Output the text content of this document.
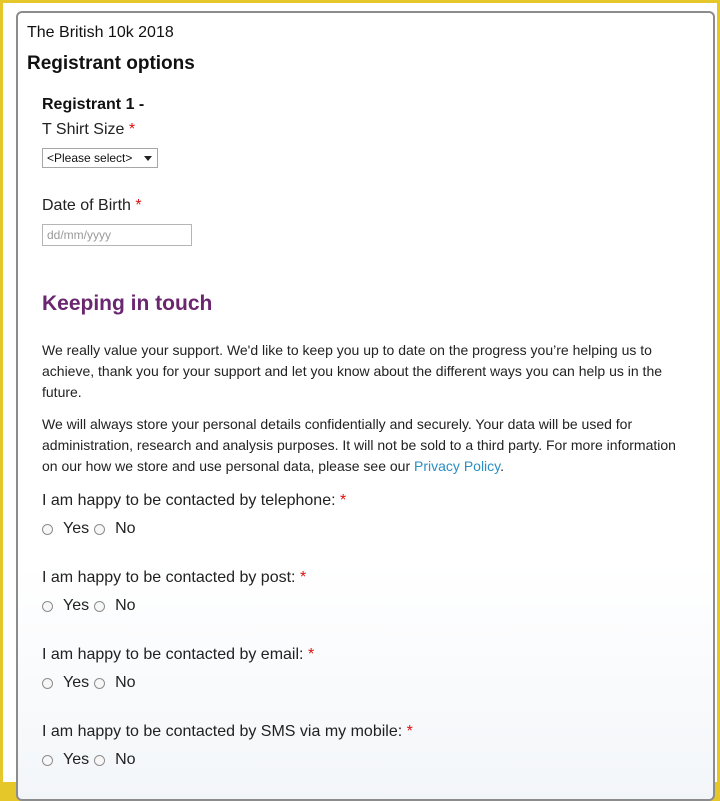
The British 10k 2018
Registrant options
Registrant 1 -
T Shirt Size *
<Please select>
Date of Birth *
dd/mm/yyyy
Keeping in touch
We really value your support. We'd like to keep you up to date on the progress you’re helping us to achieve, thank you for your support and let you know about the different ways you can help us in the future.
We will always store your personal details confidentially and securely. Your data will be used for administration, research and analysis purposes. It will not be sold to a third party. For more information on our how we store and use personal data, please see our Privacy Policy.
I am happy to be contacted by telephone: *
Yes No
I am happy to be contacted by post: *
Yes No
I am happy to be contacted by email: *
Yes No
I am happy to be contacted by SMS via my mobile: *
Yes No
